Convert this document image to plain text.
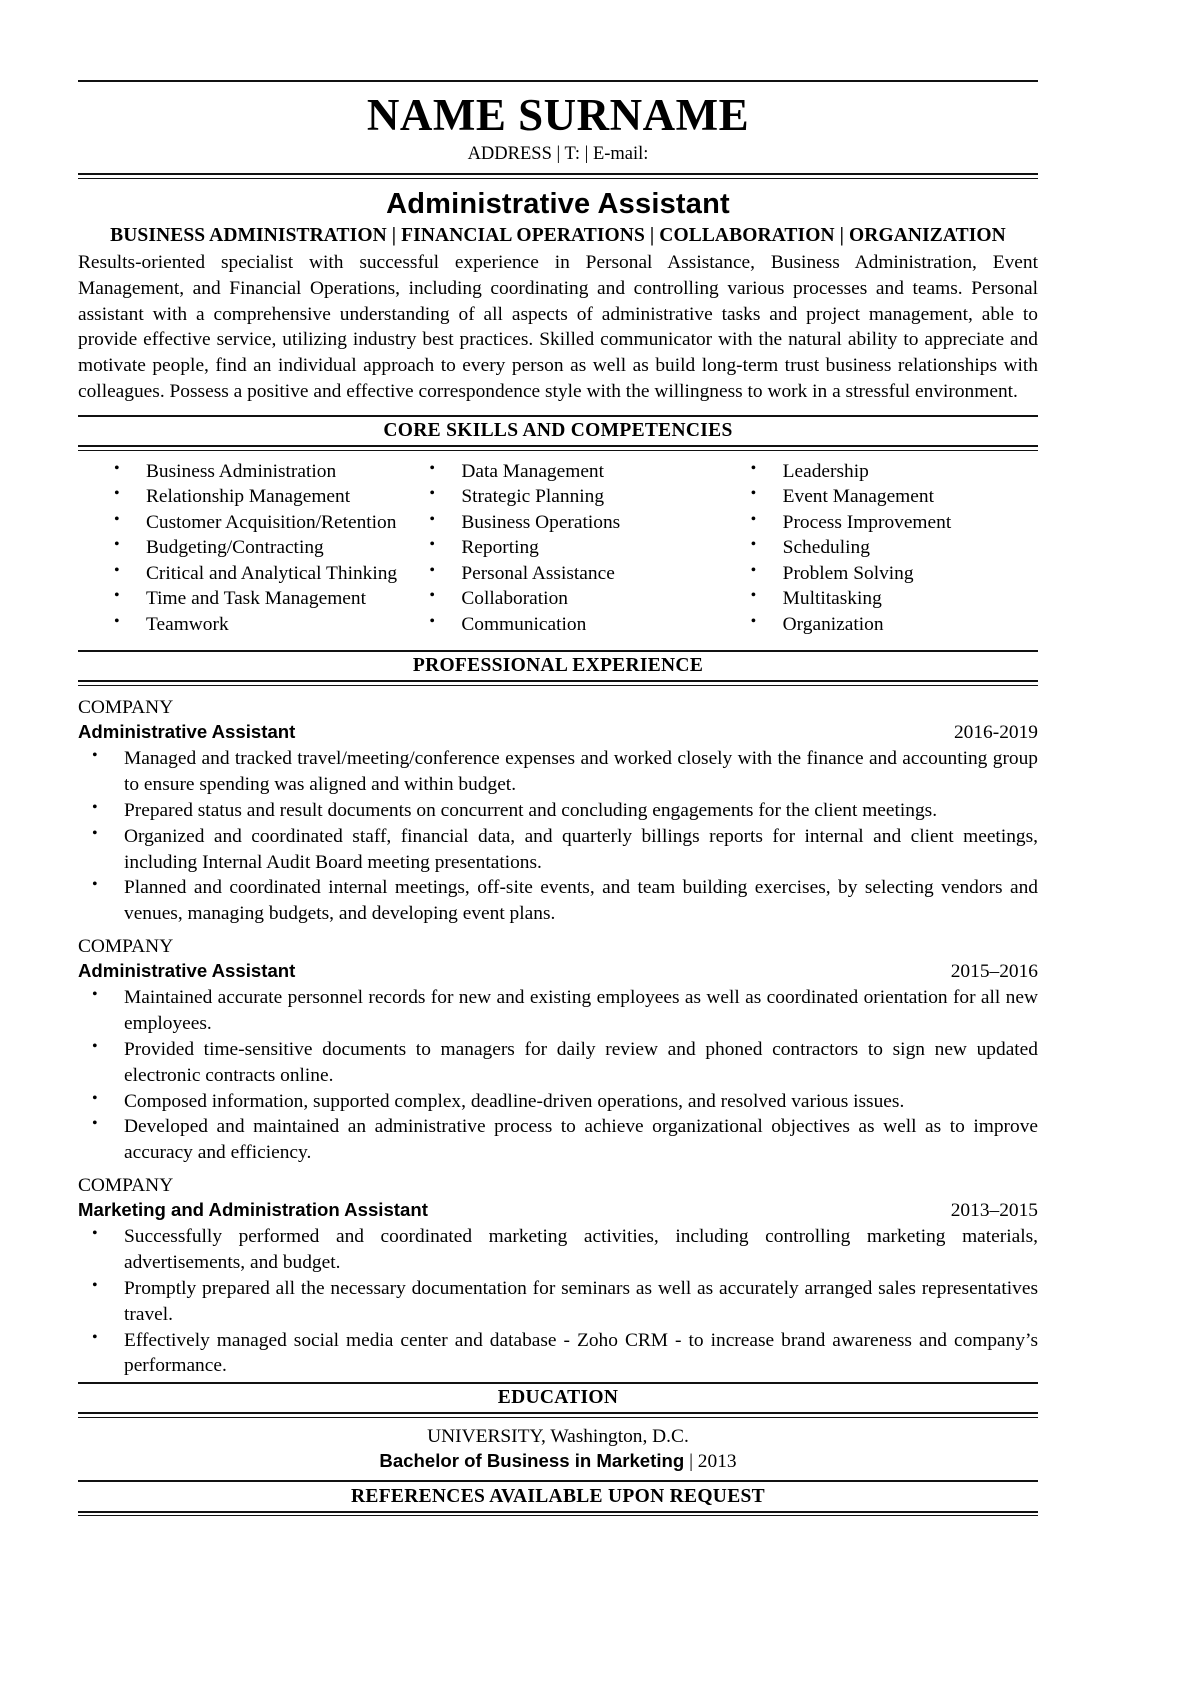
NAME SURNAME
ADDRESS | T: | E-mail:
Administrative Assistant
BUSINESS ADMINISTRATION | FINANCIAL OPERATIONS | COLLABORATION | ORGANIZATION
Results-oriented specialist with successful experience in Personal Assistance, Business Administration, Event Management, and Financial Operations, including coordinating and controlling various processes and teams. Personal assistant with a comprehensive understanding of all aspects of administrative tasks and project management, able to provide effective service, utilizing industry best practices. Skilled communicator with the natural ability to appreciate and motivate people, find an individual approach to every person as well as build long-term trust business relationships with colleagues. Possess a positive and effective correspondence style with the willingness to work in a stressful environment.
CORE SKILLS AND COMPETENCIES
• Business Administration
• Relationship Management
• Customer Acquisition/Retention
• Budgeting/Contracting
• Critical and Analytical Thinking
• Time and Task Management
• Teamwork
• Data Management
• Strategic Planning
• Business Operations
• Reporting
• Personal Assistance
• Collaboration
• Communication
• Leadership
• Event Management
• Process Improvement
• Scheduling
• Problem Solving
• Multitasking
• Organization
PROFESSIONAL EXPERIENCE
COMPANY
Administrative Assistant	2016-2019
• Managed and tracked travel/meeting/conference expenses and worked closely with the finance and accounting group to ensure spending was aligned and within budget.
• Prepared status and result documents on concurrent and concluding engagements for the client meetings.
• Organized and coordinated staff, financial data, and quarterly billings reports for internal and client meetings, including Internal Audit Board meeting presentations.
• Planned and coordinated internal meetings, off-site events, and team building exercises, by selecting vendors and venues, managing budgets, and developing event plans.
COMPANY
Administrative Assistant	2015–2016
• Maintained accurate personnel records for new and existing employees as well as coordinated orientation for all new employees.
• Provided time-sensitive documents to managers for daily review and phoned contractors to sign new updated electronic contracts online.
• Composed information, supported complex, deadline-driven operations, and resolved various issues.
• Developed and maintained an administrative process to achieve organizational objectives as well as to improve accuracy and efficiency.
COMPANY
Marketing and Administration Assistant	2013–2015
• Successfully performed and coordinated marketing activities, including controlling marketing materials, advertisements, and budget.
• Promptly prepared all the necessary documentation for seminars as well as accurately arranged sales representatives travel.
• Effectively managed social media center and database - Zoho CRM - to increase brand awareness and company’s performance.
EDUCATION
UNIVERSITY, Washington, D.C.
Bachelor of Business in Marketing | 2013
REFERENCES AVAILABLE UPON REQUEST
